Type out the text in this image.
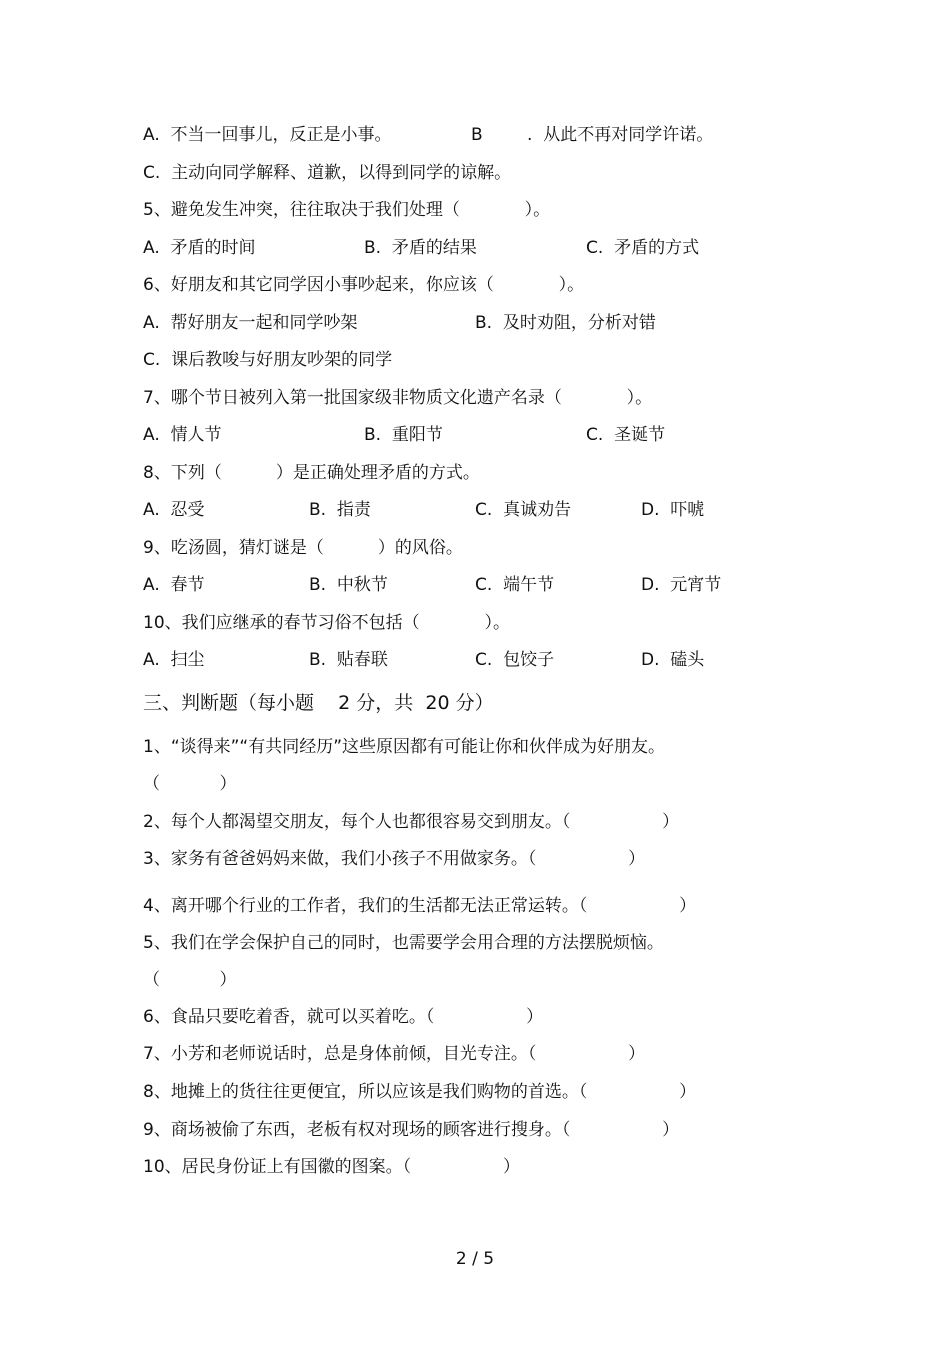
A.  不当一回事儿，反正是小事。	B	.  从此不再对同学许诺。
C.  主动向同学解释、道歉，以得到同学的谅解。
5、避免发生冲突，往往取决于我们处理（            ）。
A.  矛盾的时间	B.  矛盾的结果	C.  矛盾的方式
6、好朋友和其它同学因小事吵起来，你应该（            ）。
A.  帮好朋友一起和同学吵架	B.  及时劝阻，分析对错
C.  课后教唆与好朋友吵架的同学
7、哪个节日被列入第一批国家级非物质文化遗产名录（            ）。
A.  情人节	B.  重阳节	C.  圣诞节
8、下列（          ）是正确处理矛盾的方式。
A.  忍受	B.  指责	C.  真诚劝告	D.  吓唬
9、吃汤圆，猜灯谜是（          ）的风俗。
A.  春节	B.  中秋节	C.  端午节	D.  元宵节
10、我们应继承的春节习俗不包括（            ）。
A.  扫尘	B.  贴春联	C.  包饺子	D.  磕头
三、判断题（每小题    2 分，共  20 分）
1、“谈得来”“有共同经历”这些原因都有可能让你和伙伴成为好朋友。
（           ）
2、每个人都渴望交朋友，每个人也都很容易交到朋友。（                 ）
3、家务有爸爸妈妈来做，我们小孩子不用做家务。（                 ）
4、离开哪个行业的工作者，我们的生活都无法正常运转。（                 ）
5、我们在学会保护自己的同时，也需要学会用合理的方法摆脱烦恼。
（           ）
6、食品只要吃着香，就可以买着吃。（                 ）
7、小芳和老师说话时，总是身体前倾，目光专注。（                 ）
8、地摊上的货往往更便宜，所以应该是我们购物的首选。（                 ）
9、商场被偷了东西，老板有权对现场的顾客进行搜身。（                 ）
10、居民身份证上有国徽的图案。（                 ）
2 / 5
